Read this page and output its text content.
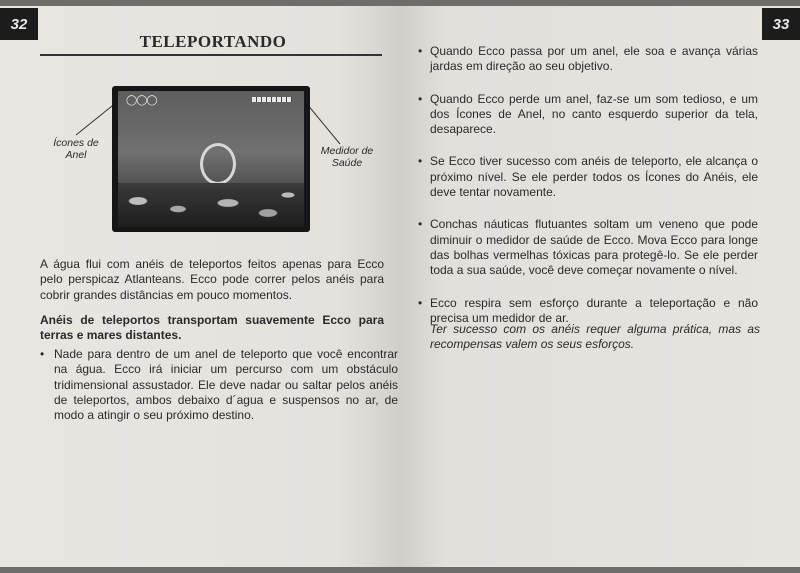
32
TELEPORTANDO
◯◯◯
Ícones de Anel	Medidor de Saúde
A água flui com anéis de teleportos feitos apenas para Ecco pelo perspicaz Atlanteans. Ecco pode correr pelos anéis para cobrir grandes distâncias em pouco momentos.
Anéis de teleportos transportam suavemente Ecco para terras e mares distantes.
• Nade para dentro de um anel de teleporto que você encontrar na água. Ecco irá iniciar um percurso com um obstáculo tridimensional assustador. Ele deve nadar ou saltar pelos anéis de teleportos, ambos debaixo d´agua e suspensos no ar, de modo a atingir o seu próximo destino.
33
• Quando Ecco passa por um anel, ele soa e avança várias jardas em direção ao seu objetivo.
• Quando Ecco perde um anel, faz-se um som tedioso, e um dos Ícones de Anel, no canto esquerdo superior da tela, desaparece.
• Se Ecco tiver sucesso com anéis de teleporto, ele alcança o próximo nível. Se ele perder todos os Ícones do Anéis, ele deve tentar novamente.
• Conchas náuticas flutuantes soltam um veneno que pode diminuir o medidor de saúde de Ecco. Mova Ecco para longe das bolhas vermelhas tóxicas para protegê-lo. Se ele perder toda a sua saúde, você deve começar novamente o nível.
• Ecco respira sem esforço durante a teleportação e não precisa um medidor de ar.
Ter sucesso com os anéis requer alguma prática, mas as recompensas valem os seus esforços.
